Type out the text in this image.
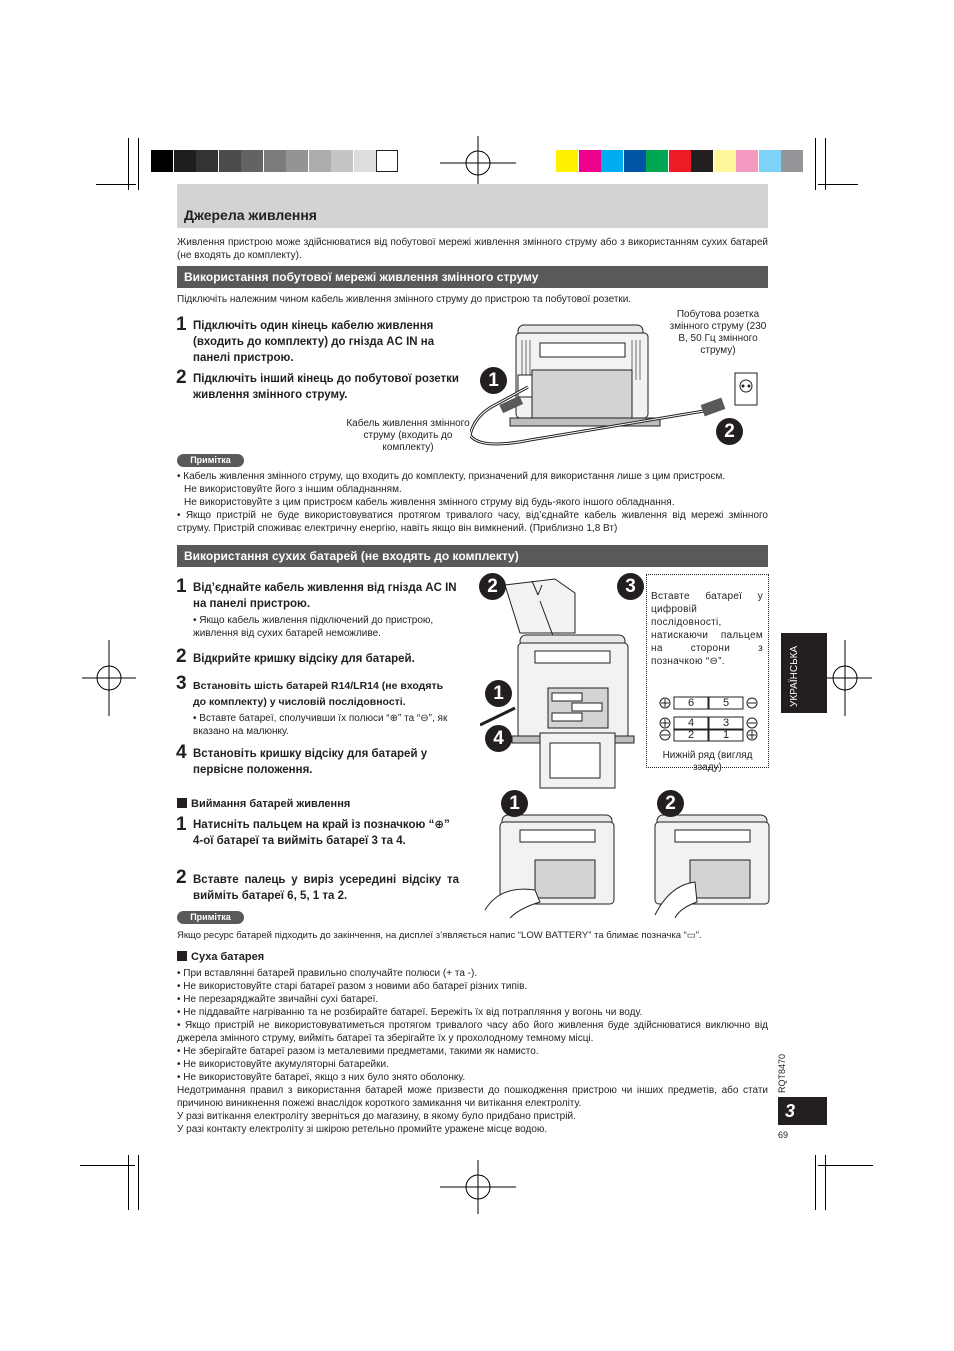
Джерела живлення
Живлення пристрою може здійснюватися від побутової мережі живлення змінного струму або з використанням сухих батарей (не входять до комплекту).
Використання побутової мережі живлення змінного струму
Підключіть належним чином кабель живлення змінного струму до пристрою та побутової розетки.
1 Підключіть один кінець кабелю живлення (входить до комплекту) до гнізда AC IN на панелі пристрою.
2 Підключіть інший кінець до побутової розетки живлення змінного струму.
1
2
Побутова розетка змінного струму (230 В, 50 Гц змінного струму)
Кабель живлення змінного струму (входить до комплекту)
Примітка
• Кабель живлення змінного струму, що входить до комплекту, призначений для використання лише з цим пристроєм.
Не використовуйте його з іншим обладнанням.
Не використовуйте з цим пристроєм кабель живлення змінного струму від будь-якого іншого обладнання.
• Якщо пристрій не буде використовуватися протягом тривалого часу, від’єднайте кабель живлення від мережі змінного струму. Пристрій споживає електричну енергію, навіть якщо він вимкнений. (Приблизно 1,8 Вт)
Використання сухих батарей (не входять до комплекту)
1 Від’єднайте кабель живлення від гнізда AC IN на панелі пристрою.
• Якщо кабель живлення підключений до пристрою, живлення від сухих батарей неможливе.
2 Відкрийте кришку відсіку для батарей.
3 Встановіть шість батарей R14/LR14 (не входять до комплекту) у числовій послідовності.
• Вставте батареї, сполучивши їх полюси “⊕” та “⊖”, як вказано на малюнку.
4 Встановіть кришку відсіку для батарей у первісне положення.
2	3
1
4
Вставте батареї у цифровій послідовності, натискаючи пальцем на сторони з позначкою “⊖”.
6	5
4	3
2	1
Нижній ряд (вигляд ззаду)
Виймання батарей живлення
1 Натисніть пальцем на край із позначкою “⊕” 4-ої батареї та вийміть батареї 3 та 4.
2 Вставте палець у виріз усередині відсіку та вийміть батареї 6, 5, 1 та 2.
1	2
Примітка
Якщо ресурс батарей підходить до закінчення, на дисплеї з’являється напис “LOW BATTERY” та блимає позначка “▭”.
Суха батарея
• При вставлянні батарей правильно сполучайте полюси (+ та -).
• Не використовуйте старі батареї разом з новими або батареї різних типів.
• Не перезаряджайте звичайні сухі батареї.
• Не піддавайте нагріванню та не розбирайте батареї. Бережіть їх від потрапляння у вогонь чи воду.
• Якщо пристрій не використовуватиметься протягом тривалого часу або його живлення буде здійснюватися виключно від джерела змінного струму, вийміть батареї та зберігайте їх у прохолодному темному місці.
• Не зберігайте батареї разом із металевими предметами, такими як намисто.
• Не використовуйте акумуляторні батарейки.
• Не використовуйте батареї, якщо з них було знято оболонку.
Недотримання правил з використання батарей може призвести до пошкодження пристрою чи інших предметів, або стати причиною виникнення пожежі внаслідок короткого замикання чи витікання електроліту.
У разі витікання електроліту зверніться до магазину, в якому було придбано пристрій.
У разі контакту електроліту зі шкірою ретельно промийте уражене місце водою.
УКРАЇНСЬКА
RQT8470
3
69
